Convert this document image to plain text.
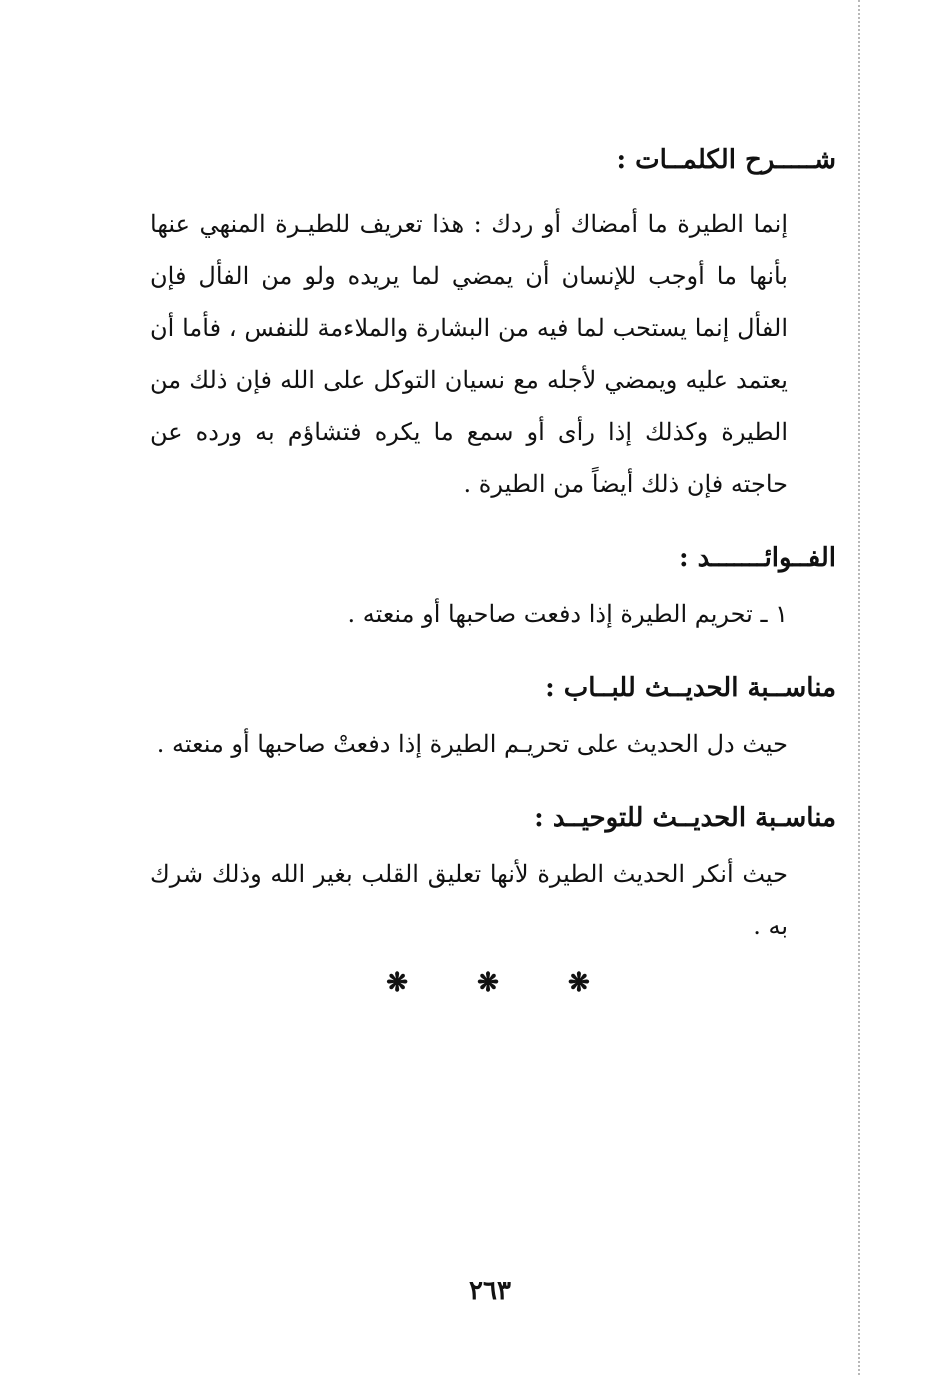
شـــــرح الكلمــات :

إنما الطيرة ما أمضاك أو ردك : هذا تعريف للطيـرة المنهي عنها بأنها ما أوجب للإنسان أن يمضي لما يريده ولو من الفأل فإن الفأل إنما يستحب لما فيه من البشارة والملاءمة للنفس ، فأما أن يعتمد عليه ويمضي لأجله مع نسيان التوكل على الله فإن ذلك من الطيرة وكذلك إذا رأى أو سمع ما يكره فتشاؤم به ورده عن حاجته فإن ذلك أيضاً من الطيرة .

الفــوائـــــــد :

١ ـ تحريم الطيرة إذا دفعت صاحبها أو منعته .

مناســبة الحديــث للبــاب :

حيث دل الحديث على تحريـم الطيرة إذا دفعتْ صاحبها أو منعته .

مناسـبة الحديــث للتوحيــد :

حيث أنكر الحديث الطيرة لأنها تعليق القلب بغير الله وذلك شرك به .

❋ ❋ ❋
٢٦٣
